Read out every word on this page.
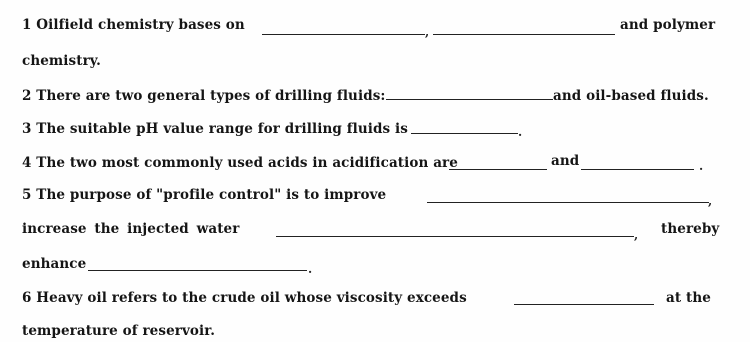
1 Oilfield chemistry bases on	,	and polymer
chemistry.
2 There are two general types of drilling fluids:	and oil-based fluids.
3 The suitable pH value range for drilling fluids is	.
4 The two most commonly used acids in acidification are	and	.
5 The purpose of "profile control" is to improve	,
increase the injected water	, thereby
enhance	.
6 Heavy oil refers to the crude oil whose viscosity exceeds	at the
temperature of reservoir.
